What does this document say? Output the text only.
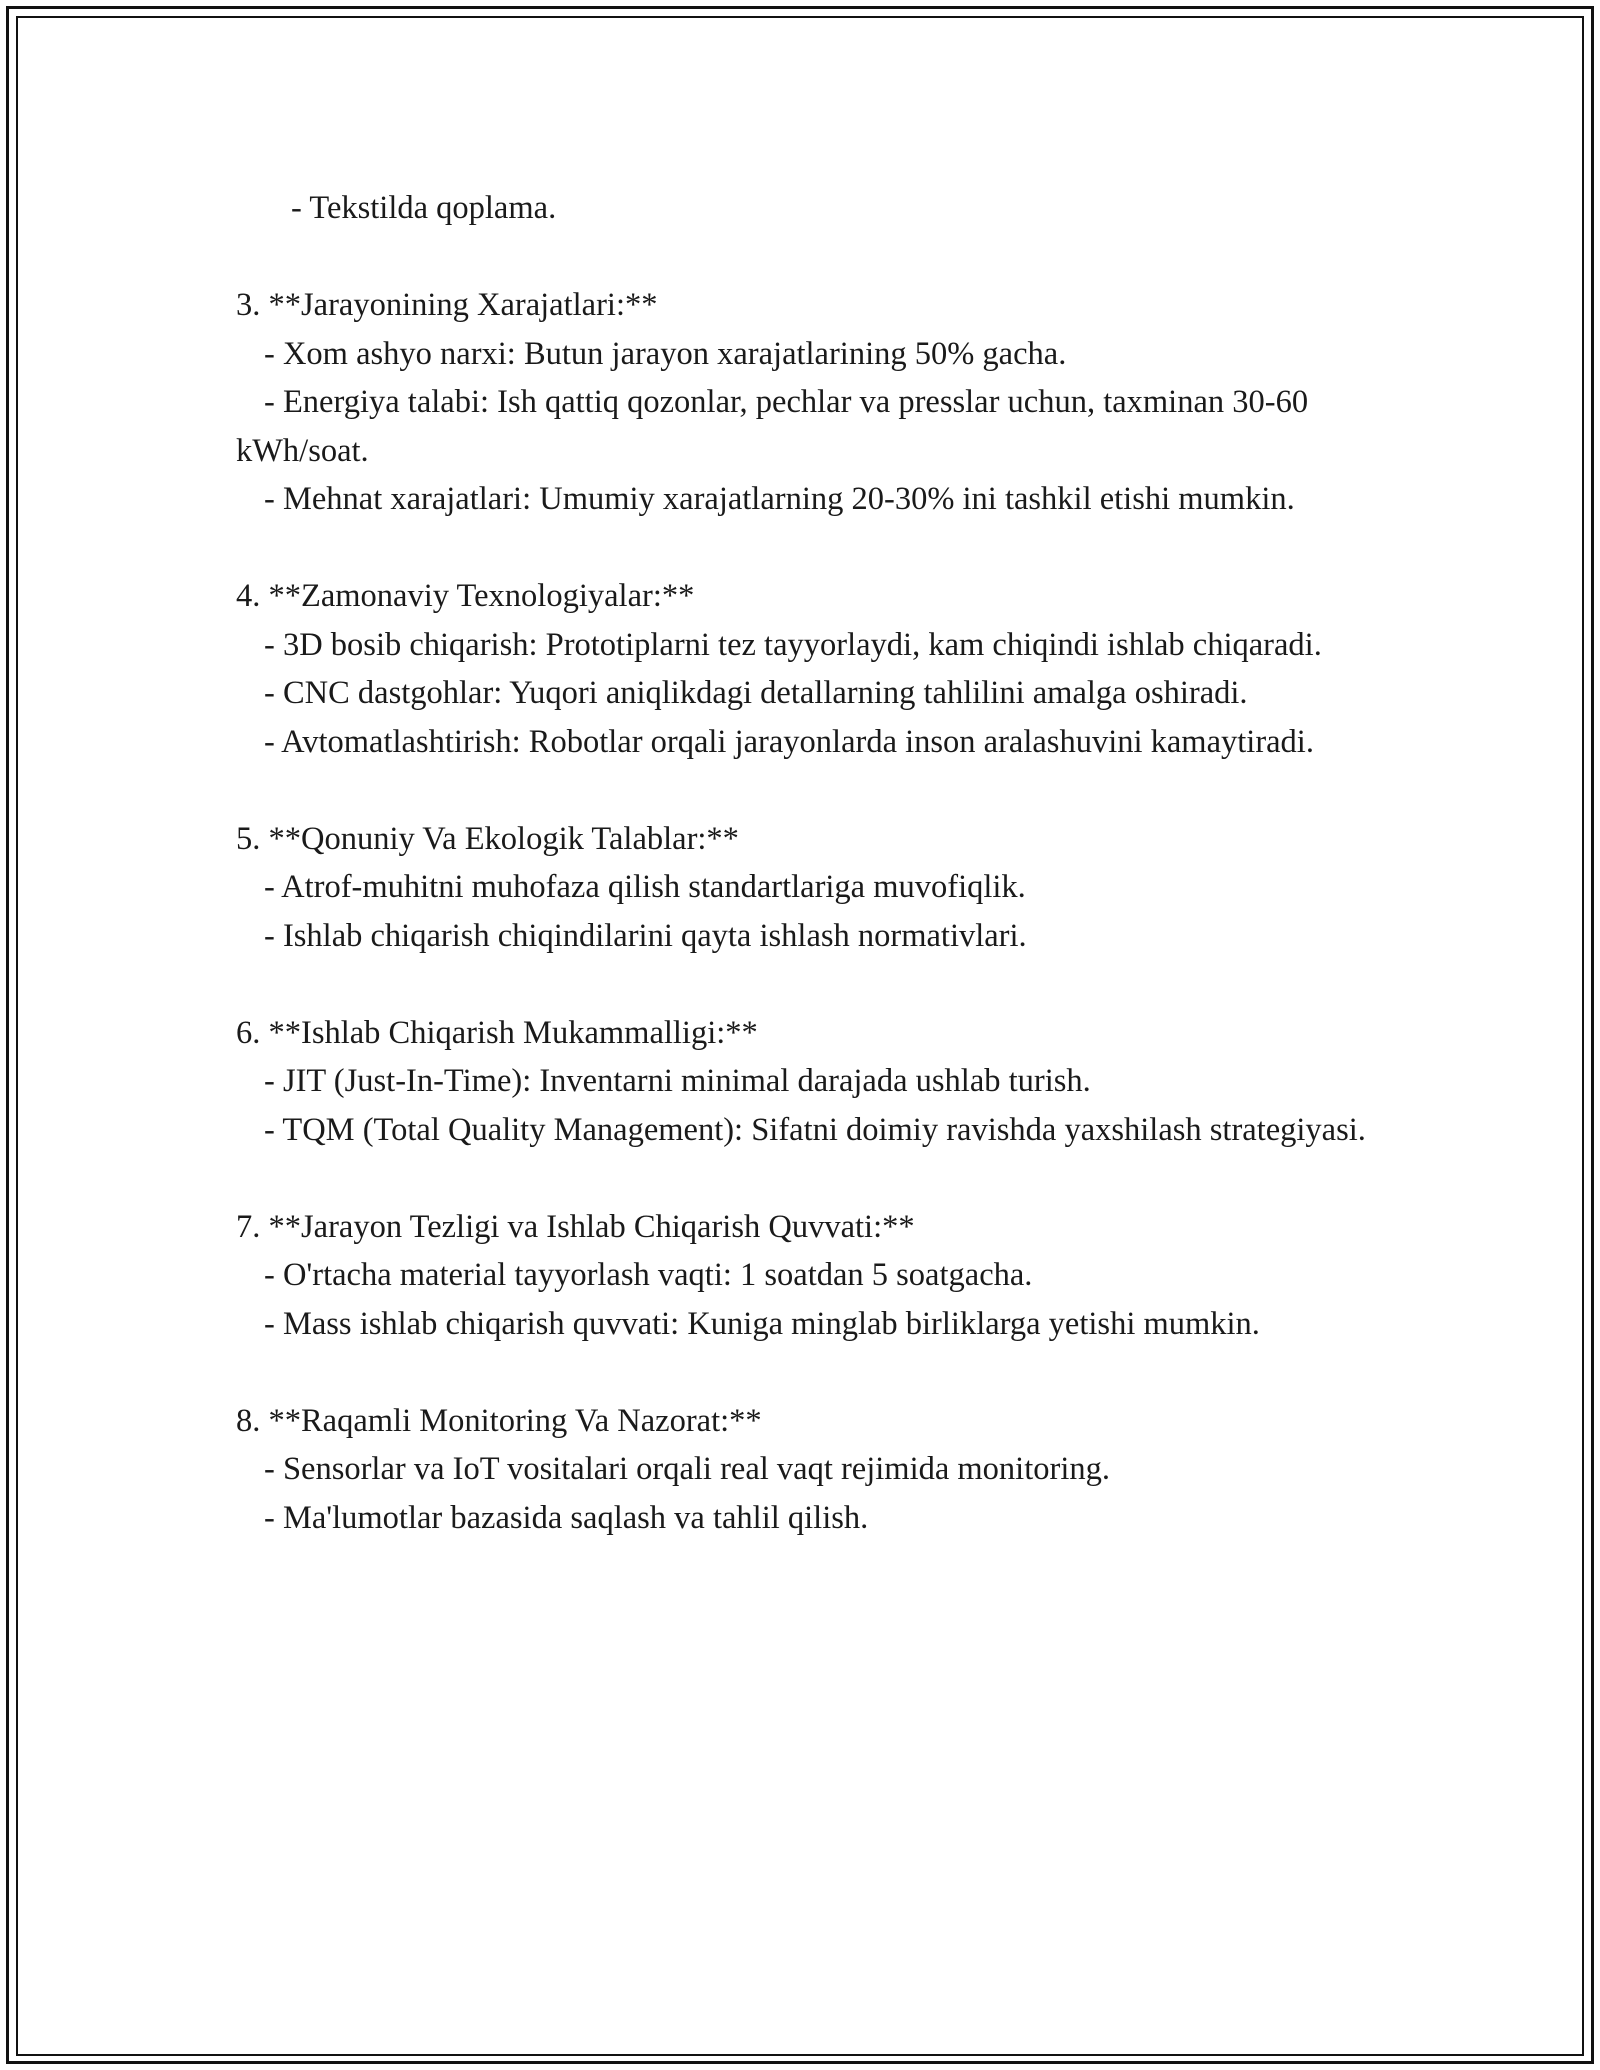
- Tekstilda qoplama.

3. **Jarayonining Xarajatlari:**

- Xom ashyo narxi: Butun jarayon xarajatlarining 50% gacha.

- Energiya talabi: Ish qattiq qozonlar, pechlar va presslar uchun, taxminan 30-60 kWh/soat.

- Mehnat xarajatlari: Umumiy xarajatlarning 20-30% ini tashkil etishi mumkin.

4. **Zamonaviy Texnologiyalar:**

- 3D bosib chiqarish: Prototiplarni tez tayyorlaydi, kam chiqindi ishlab chiqaradi.

- CNC dastgohlar: Yuqori aniqlikdagi detallarning tahlilini amalga oshiradi.

- Avtomatlashtirish: Robotlar orqali jarayonlarda inson aralashuvini kamaytiradi.

5. **Qonuniy Va Ekologik Talablar:**

- Atrof-muhitni muhofaza qilish standartlariga muvofiqlik.

- Ishlab chiqarish chiqindilarini qayta ishlash normativlari.

6. **Ishlab Chiqarish Mukammalligi:**

- JIT (Just-In-Time): Inventarni minimal darajada ushlab turish.

- TQM (Total Quality Management): Sifatni doimiy ravishda yaxshilash strategiyasi.

7. **Jarayon Tezligi va Ishlab Chiqarish Quvvati:**

- O'rtacha material tayyorlash vaqti: 1 soatdan 5 soatgacha.

- Mass ishlab chiqarish quvvati: Kuniga minglab birliklarga yetishi mumkin.

8. **Raqamli Monitoring Va Nazorat:**

- Sensorlar va IoT vositalari orqali real vaqt rejimida monitoring.

- Ma'lumotlar bazasida saqlash va tahlil qilish.
